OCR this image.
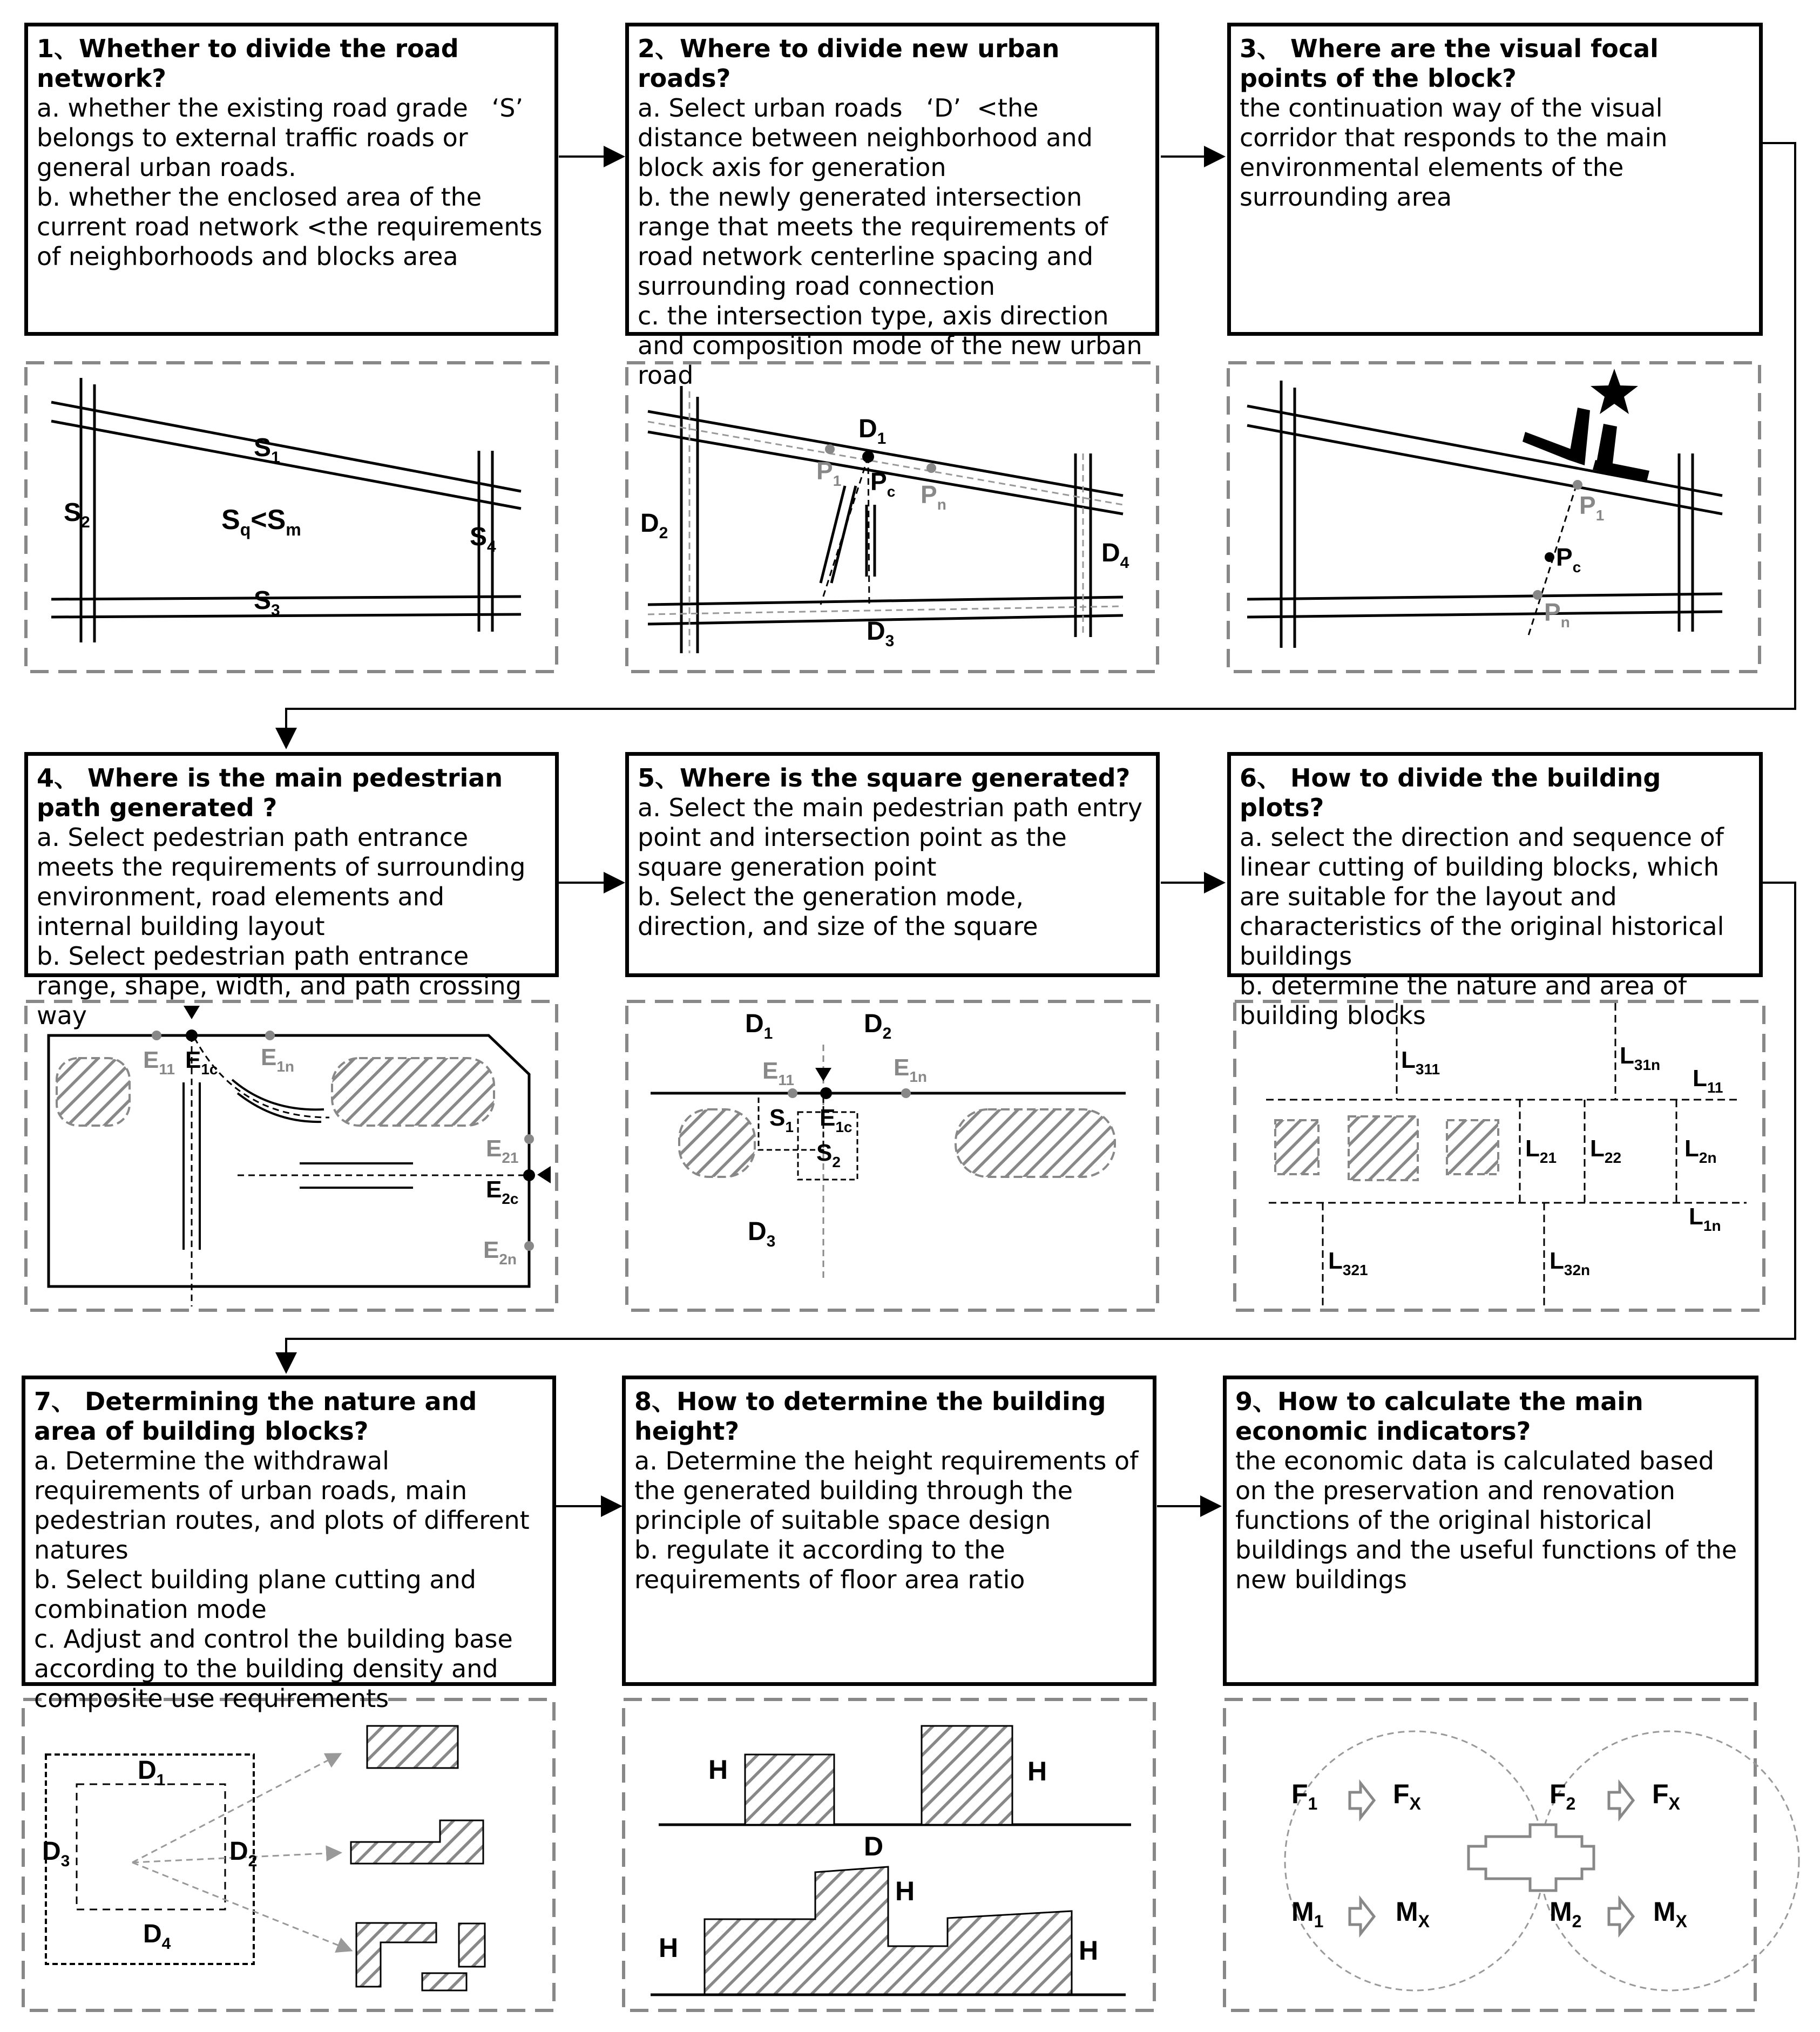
$S_1$
$S_2$
$S_3$
$S_4$
$S_q<S_m$
$D_1$
$D_2$
$D_3$
$D_4$
$P_1$ $P_c$ $P_n$	$P_1$
$P_c$
$P_n$
$E_{11}$ $E_{1c}$ $E_{1n}$
$E_{21}$
$E_{2c}$
$E_{2n}$
$D_1$	$D_2$
$D_3$
$E_{11}$
$E_{1c}$
$E_{1n}$
$S_1$
$S_2$
$L_{311}$
$L_{31n}$
$L_{11}$
$L_{21}$ $L_{22}$	$L_{2n}$
$L_{1n}$
$L_{321}$	$L_{32n}$
$D_1$
$D_2$
$D_3$
$D_4$
H	H
D
H
H	H
$F_1$	$F_X$
$M_1$	$M_X$
$F_2$	$F_X$
$M_2$	$M_X$
1、Whether to divide the road network?

a. whether the existing road grade   ‘S’ belongs to external traffic roads or general urban roads.

b. whether the enclosed area of the current road network <the requirements of neighborhoods and blocks area

2、Where to divide new urban roads?

a. Select urban roads   ‘D’  <the distance between neighborhood and block axis for generation

b. the newly generated intersection range that meets the requirements of road network centerline spacing and surrounding road connection

c. the intersection type, axis direction and composition mode of the new urban road

3、 Where are the visual focal points of the block?

the continuation way of the visual corridor that responds to the main environmental elements of the surrounding area

4、 Where is the main pedestrian path generated ?

a. Select pedestrian path entrance meets the requirements of surrounding environment, road elements and internal building layout

b. Select pedestrian path entrance range, shape, width, and path crossing way

5、Where is the square generated?

a. Select the main pedestrian path entry point and intersection point as the square generation point

b. Select the generation mode, direction, and size of the square

6、 How to divide the building plots?

a. select the direction and sequence of linear cutting of building blocks, which are suitable for the layout and characteristics of the original historical buildings

b. determine the nature and area of building blocks

7、 Determining the nature and area of building blocks?

a. Determine the withdrawal requirements of urban roads, main pedestrian routes, and plots of different natures

b. Select building plane cutting and combination mode

c. Adjust and control the building base according to the building density and composite use requirements

8、How to determine the building height?

a. Determine the height requirements of the generated building through the principle of suitable space design

b. regulate it according to the requirements of floor area ratio

9、How to calculate the main economic indicators?

the economic data is calculated based on the preservation and renovation functions of the original historical buildings and the useful functions of the new buildings
